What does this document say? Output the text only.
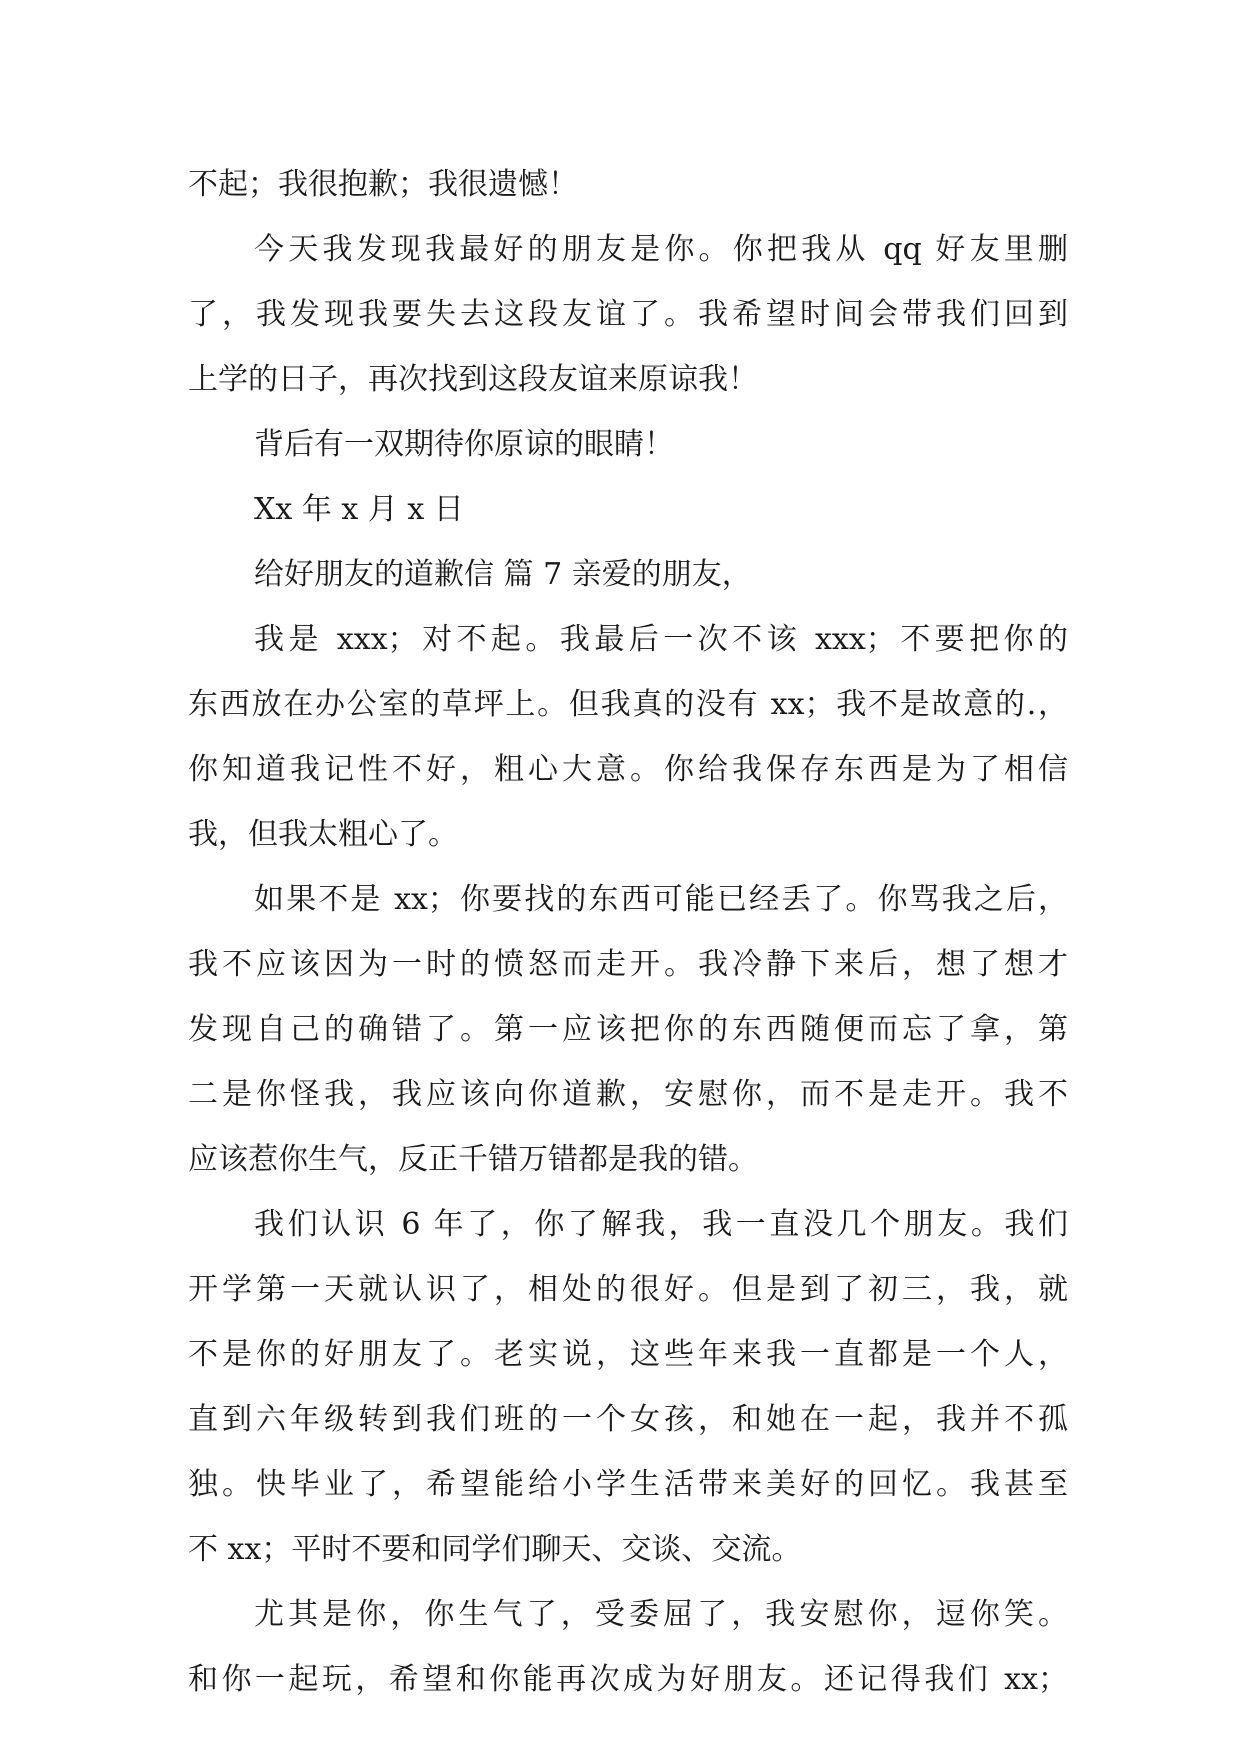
不起；我很抱歉；我很遗憾！
今天我发现我最好的朋友是你。你把我从 qq 好友里删
了，我发现我要失去这段友谊了。我希望时间会带我们回到
上学的日子，再次找到这段友谊来原谅我！
背后有一双期待你原谅的眼睛！
Xx 年 x 月 x 日
给好朋友的道歉信 篇 7 亲爱的朋友，
我是 xxx；对不起。我最后一次不该 xxx；不要把你的
东西放在办公室的草坪上。但我真的没有 xx；我不是故意的.，
你知道我记性不好，粗心大意。你给我保存东西是为了相信
我，但我太粗心了。
如果不是 xx；你要找的东西可能已经丢了。你骂我之后，
我不应该因为一时的愤怒而走开。我冷静下来后，想了想才
发现自己的确错了。第一应该把你的东西随便而忘了拿，第
二是你怪我，我应该向你道歉，安慰你，而不是走开。我不
应该惹你生气，反正千错万错都是我的错。
我们认识 6 年了，你了解我，我一直没几个朋友。我们
开学第一天就认识了，相处的很好。但是到了初三，我，就
不是你的好朋友了。老实说，这些年来我一直都是一个人，
直到六年级转到我们班的一个女孩，和她在一起，我并不孤
独。快毕业了，希望能给小学生活带来美好的回忆。我甚至
不 xx；平时不要和同学们聊天、交谈、交流。
尤其是你，你生气了，受委屈了，我安慰你，逗你笑。
和你一起玩，希望和你能再次成为好朋友。还记得我们 xx；
